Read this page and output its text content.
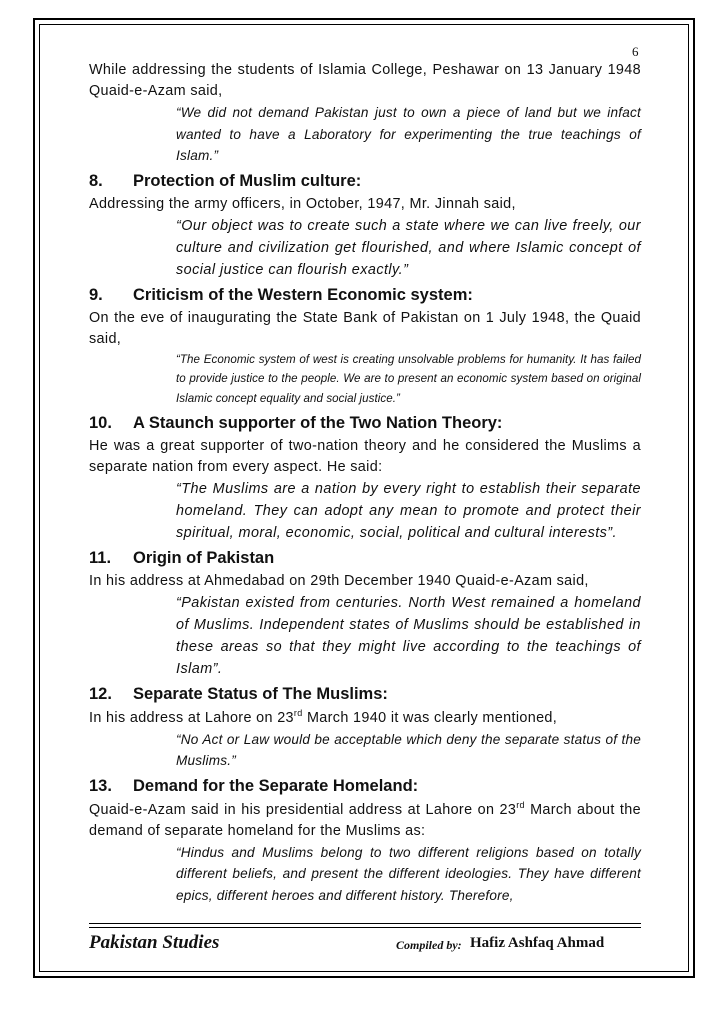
6

While addressing the students of Islamia College, Peshawar on 13 January 1948 Quaid-e-Azam said,

“We did not demand Pakistan just to own a piece of land but we infact wanted to have a Laboratory for experimenting the true teachings of Islam.”

8.	Protection of Muslim culture:

Addressing the army officers, in October, 1947, Mr. Jinnah said,

“Our object was to create such a state where we can live freely, our culture and civilization get flourished, and where Islamic concept of social justice can flourish exactly.”

9.	Criticism of the Western Economic system:

On the eve of inaugurating the State Bank of Pakistan on 1 July 1948, the Quaid said,

“The Economic system of west is creating unsolvable problems for humanity. It has failed to provide justice to the people. We are to present an economic system based on original Islamic concept equality and social justice.”

10.	A Staunch supporter of the Two Nation Theory:

He was a great supporter of two-nation theory and he considered the Muslims a separate nation from every aspect. He said:

“The Muslims are a nation by every right to establish their separate homeland. They can adopt any mean to promote and protect their spiritual, moral, economic, social, political and cultural interests”.

11.	Origin of Pakistan

In his address at Ahmedabad on 29th December 1940 Quaid-e-Azam said,

“Pakistan existed from centuries. North West remained a homeland of Muslims. Independent states of Muslims should be established in these areas so that they might live according to the teachings of Islam”.

12.	Separate Status of The Muslims:

In his address at Lahore on 23rd March 1940 it was clearly mentioned,

“No Act or Law would be acceptable which deny the separate status of the Muslims.”

13.	Demand for the Separate Homeland:

Quaid-e-Azam said in his presidential address at Lahore on 23rd March about the demand of separate homeland for the Muslims as:

“Hindus and Muslims belong to two different religions based on totally different beliefs, and present the different ideologies. They have different epics, different heroes and different history. Therefore,

Pakistan Studies	Compiled by: Hafiz Ashfaq Ahmad
